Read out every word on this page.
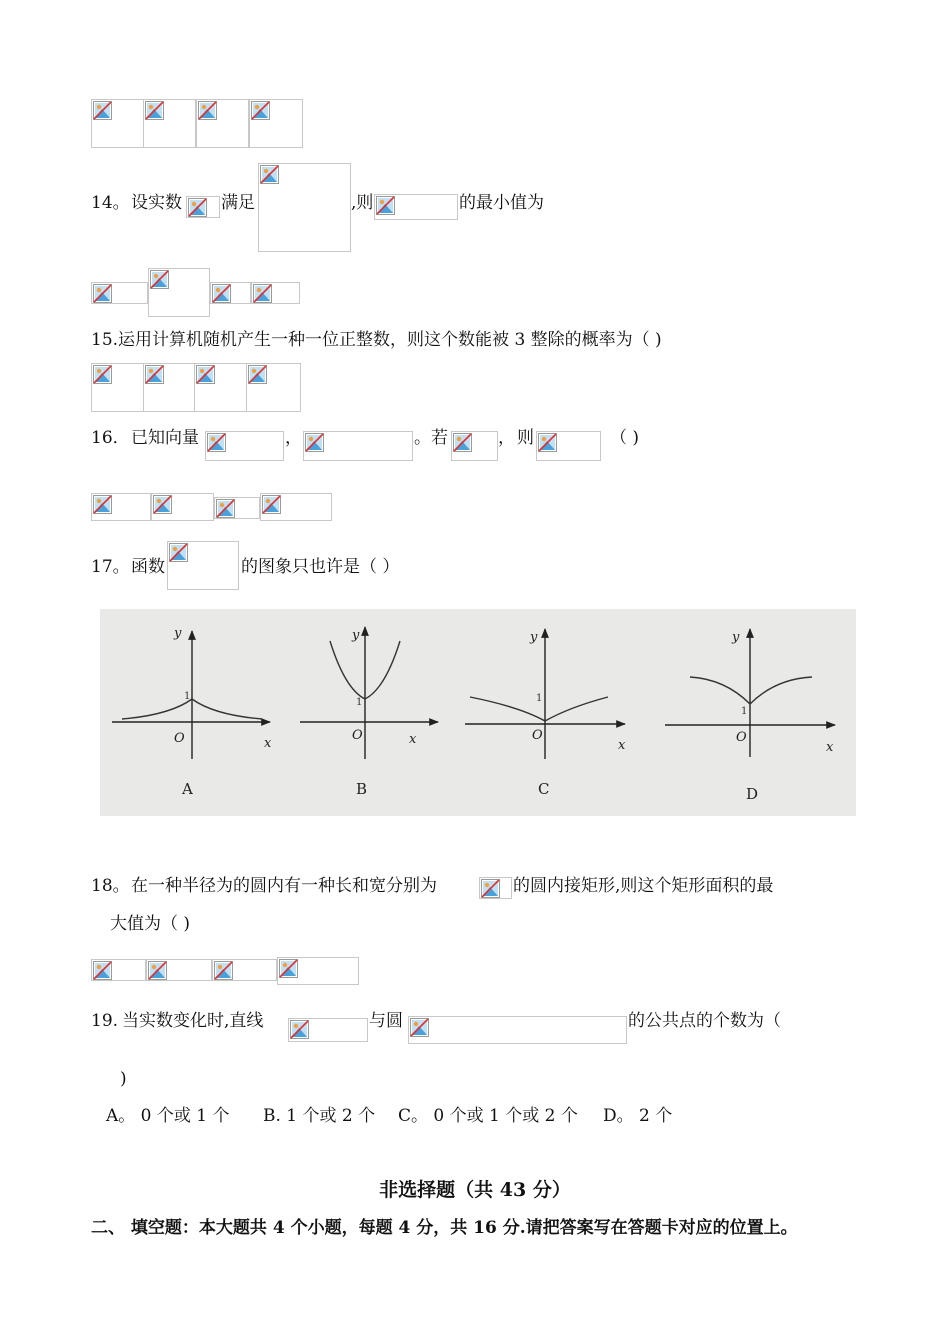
14。 设实数 满足	,则	的最小值为
15.运用计算机随机产生一种一位正整数，则这个数能被 3 整除的概率为（ )
16． 已知向量	，	。若	， 则	（ )
17。 函数	的图象只也许是（ ）
y
x
O
1
A
y
x
O
1
B
y
x
O
1
C
y
x
O
1
D
18。 在一种半径为的圆内有一种长和宽分别为	的圆内接矩形,则这个矩形面积的最
大值为（ )
19. 当实数变化时,直线	与圆	的公共点的个数为（
)
A。 0 个或 1 个 B. 1 个或 2 个 C。 0 个或 1 个或 2 个 D。 2 个
非选择题（共 43 分）
二、 填空题：本大题共 4 个小题，每题 4 分，共 16 分.请把答案写在答题卡对应的位置上。
